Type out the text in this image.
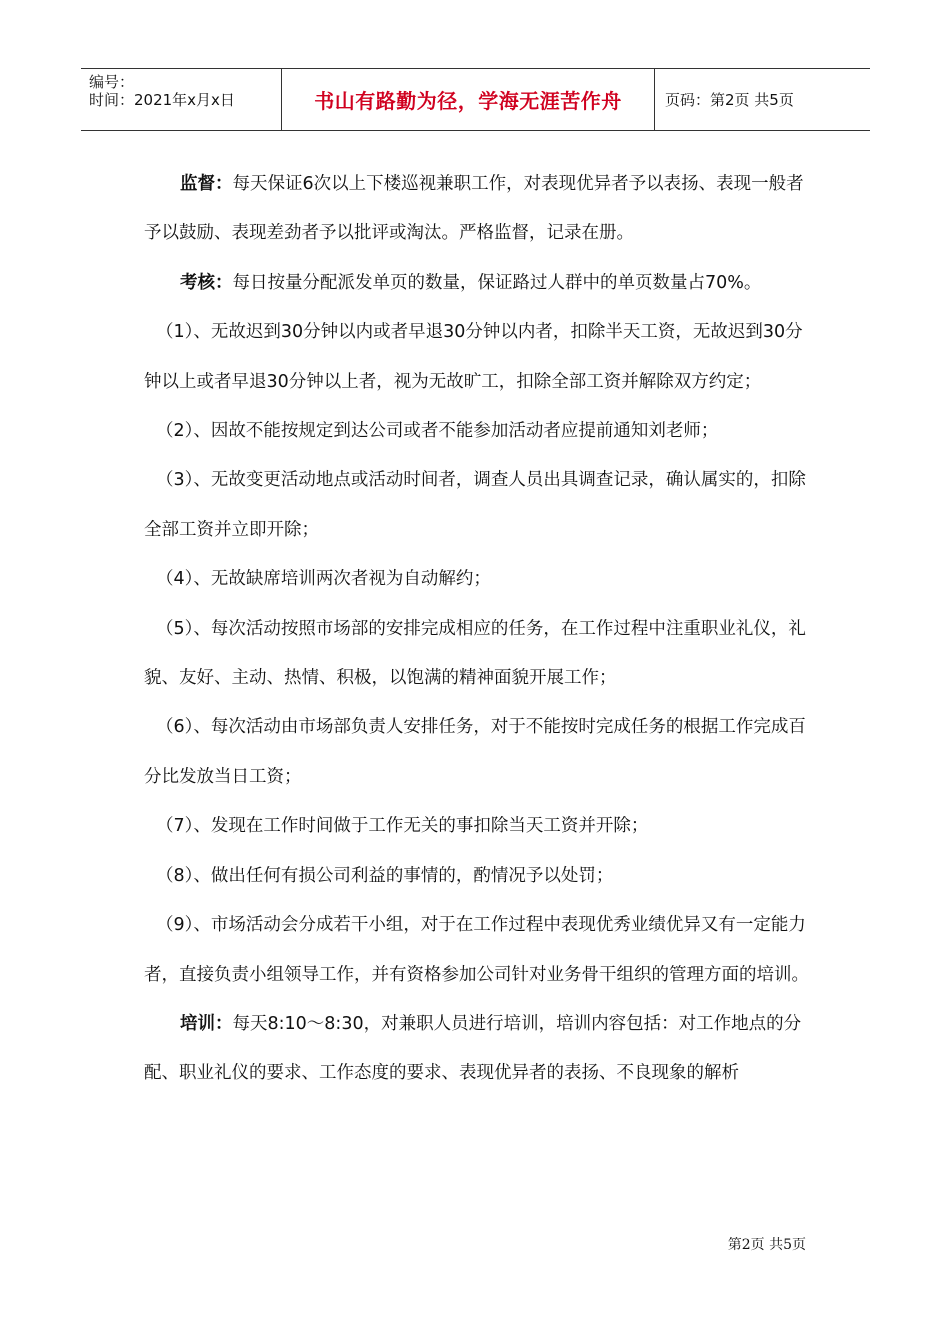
编号：
时间：2021年x月x日	书山有路勤为径，学海无涯苦作舟	页码：第2页 共5页

监督：每天保证6次以上下楼巡视兼职工作，对表现优异者予以表扬、表现一般者予以鼓励、表现差劲者予以批评或淘汰。严格监督，记录在册。

考核：每日按量分配派发单页的数量，保证路过人群中的单页数量占70%。

（1）、无故迟到30分钟以内或者早退30分钟以内者，扣除半天工资，无故迟到30分钟以上或者早退30分钟以上者，视为无故旷工，扣除全部工资并解除双方约定；

（2）、因故不能按规定到达公司或者不能参加活动者应提前通知刘老师；

（3）、无故变更活动地点或活动时间者，调查人员出具调查记录，确认属实的，扣除全部工资并立即开除；

（4）、无故缺席培训两次者视为自动解约；

（5）、每次活动按照市场部的安排完成相应的任务，在工作过程中注重职业礼仪，礼貌、友好、主动、热情、积极，以饱满的精神面貌开展工作；

（6）、每次活动由市场部负责人安排任务，对于不能按时完成任务的根据工作完成百分比发放当日工资；

（7）、发现在工作时间做于工作无关的事扣除当天工资并开除；

（8）、做出任何有损公司利益的事情的，酌情况予以处罚；

（9）、市场活动会分成若干小组，对于在工作过程中表现优秀业绩优异又有一定能力者，直接负责小组领导工作，并有资格参加公司针对业务骨干组织的管理方面的培训。

培训：每天8:10～8:30，对兼职人员进行培训，培训内容包括：对工作地点的分配、职业礼仪的要求、工作态度的要求、表现优异者的表扬、不良现象的解析

第2页 共5页
